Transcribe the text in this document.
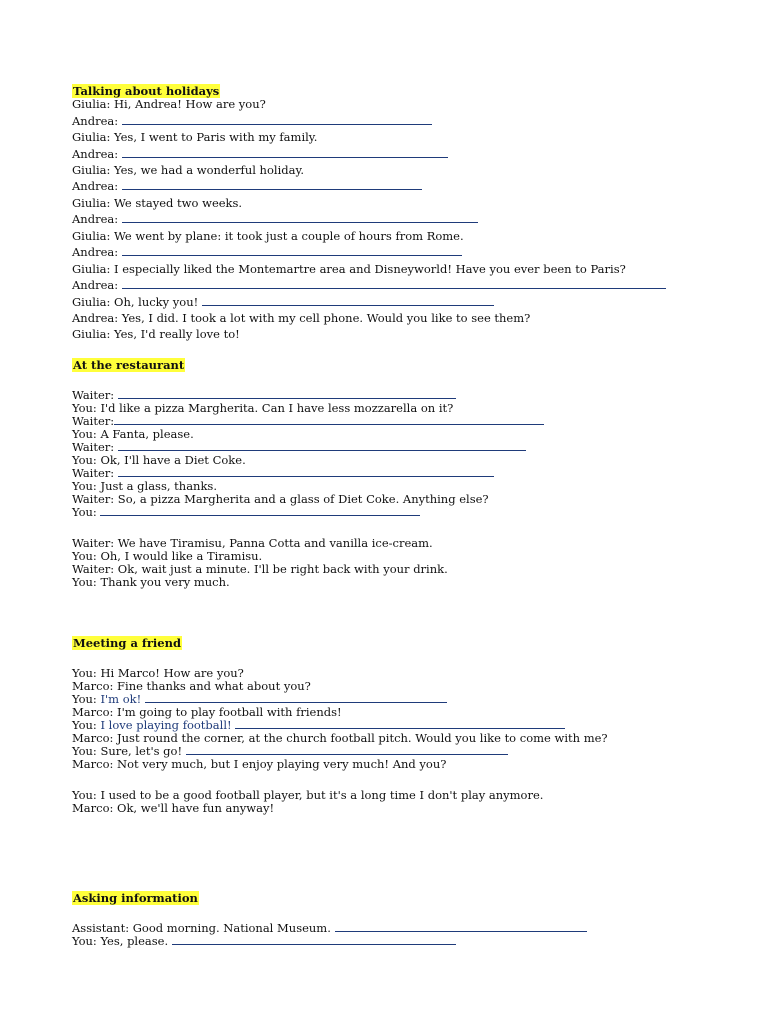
Talking about holidays
Giulia: Hi, Andrea! How are you?
Andrea:
Giulia: Yes, I went to Paris with my family.
Andrea:
Giulia: Yes, we had a wonderful holiday.
Andrea:
Giulia: We stayed two weeks.
Andrea:
Giulia: We went by plane: it took just a couple of hours from Rome.
Andrea:
Giulia: I especially liked the Montemartre area and Disneyworld! Have you ever been to Paris?
Andrea:
Giulia: Oh, lucky you!
Andrea: Yes, I did. I took a lot with my cell phone. Would you like to see them?
Giulia: Yes, I'd really love to!
At the restaurant
Waiter:
You: I'd like a pizza Margherita. Can I have less mozzarella on it?
Waiter:
You: A Fanta, please.
Waiter:
You: Ok, I'll have a Diet Coke.
Waiter:
You: Just a glass, thanks.
Waiter: So, a pizza Margherita and a glass of Diet Coke. Anything else?
You:
Waiter: We have Tiramisu, Panna Cotta and vanilla ice-cream.
You: Oh, I would like a Tiramisu.
Waiter: Ok, wait just a minute. I'll be right back with your drink.
You: Thank you very much.
Meeting a friend
You: Hi Marco! How are you?
Marco: Fine thanks and what about you?
You: I'm ok!
Marco: I'm going to play football with friends!
You: I love playing football!
Marco: Just round the corner, at the church football pitch. Would you like to come with me?
You: Sure, let's go!
Marco: Not very much, but I enjoy playing very much! And you?
You: I used to be a good football player, but it's a long time I don't play anymore.
Marco: Ok, we'll have fun anyway!
Asking information
Assistant: Good morning. National Museum.
You: Yes, please.
